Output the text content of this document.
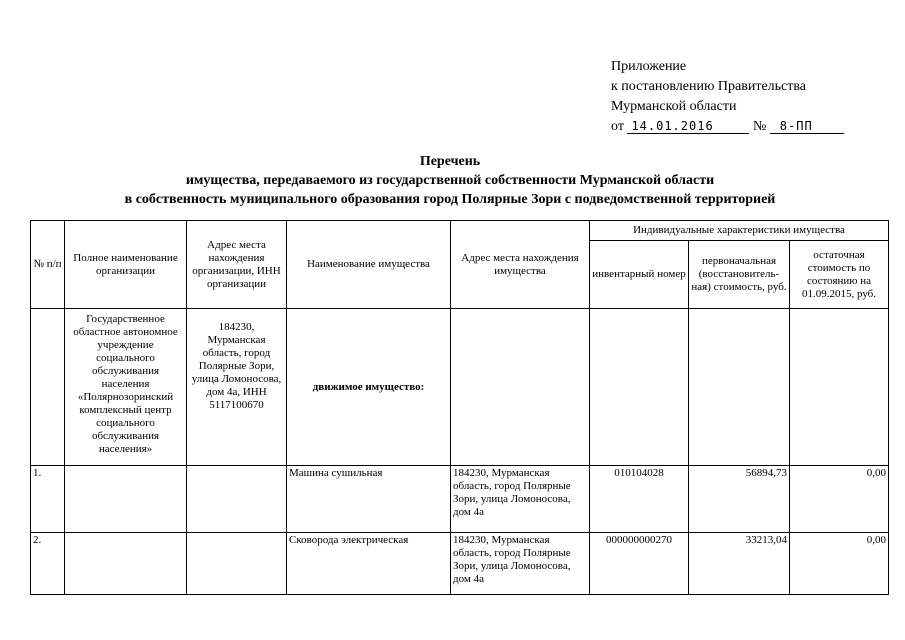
Приложение
к постановлению Правительства
Мурманской области
от 14.01.2016	№ 8-ПП
Перечень
имущества, передаваемого из государственной собственности Мурманской области
в собственность муниципального образования город Полярные Зори с подведомственной территорией
№ п/п	Полное наименование организации	Адрес места нахождения организации, ИНН организации	Наименование имущества	Адрес места нахождения имущества	Индивидуальные характеристики имущества		
					инвентарный номер	первоначальная (восстановитель-ная) стоимость, руб.	остаточная стоимость по состоянию на 01.09.2015, руб.
	Государственное областное автономное учреждение социального обслуживания населения «Полярнозоринский комплексный центр социального обслуживания населения»	184230, Мурманская область, город Полярные Зори, улица Ломоносова, дом 4а, ИНН 5117100670	движимое имущество:				
1.			Машина сушильная	184230, Мурманская область, город Полярные Зори, улица Ломоносова, дом 4а	010104028	56894,73	0,00
2.			Сковорода электрическая	184230, Мурманская область, город Полярные Зори, улица Ломоносова, дом 4а	000000000270	33213,04	0,00
